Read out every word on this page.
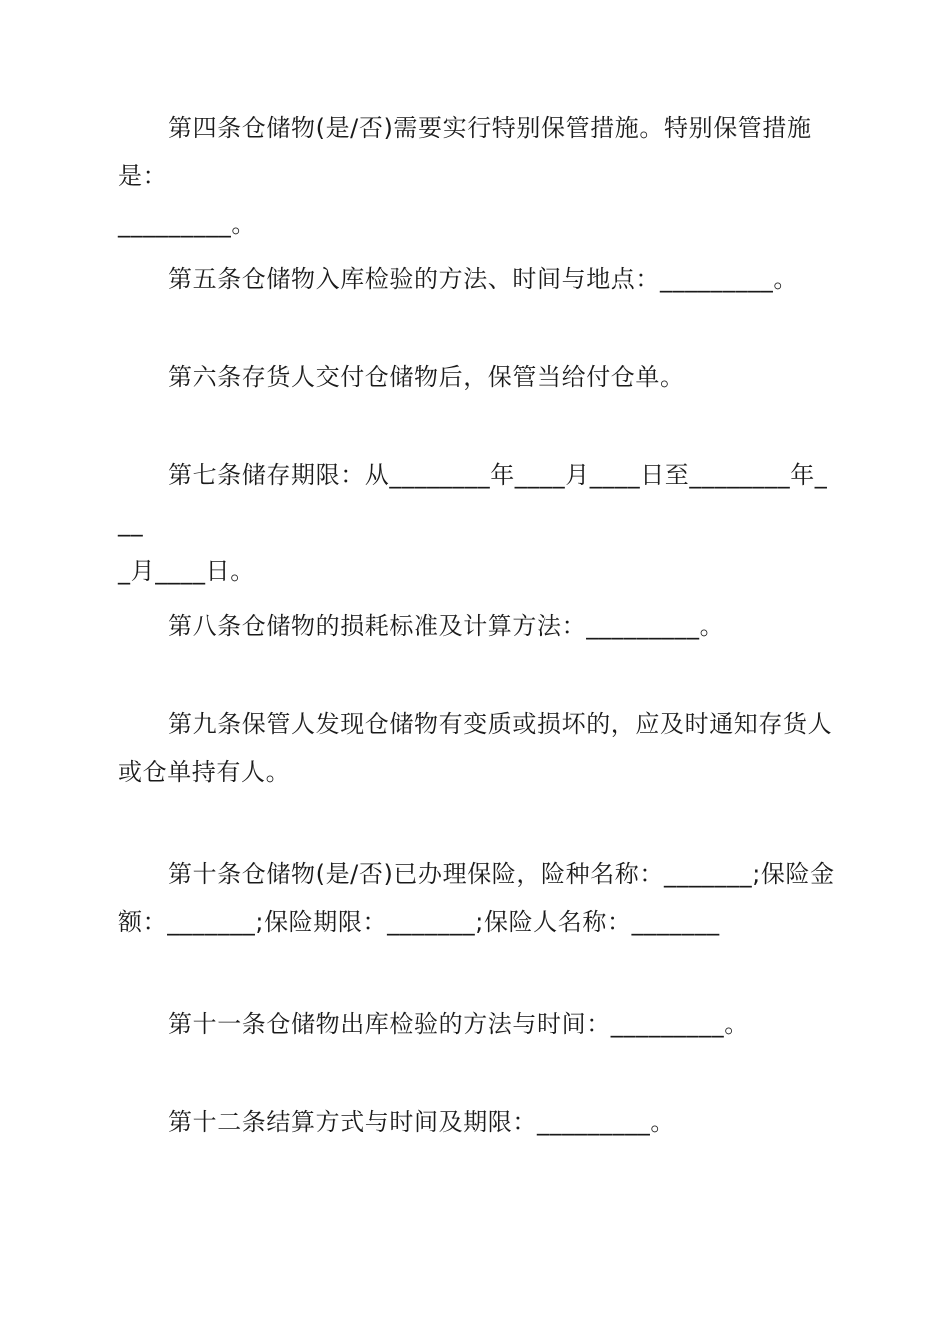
第四条仓储物(是/否)需要实行特别保管措施。特别保管措施是：
_________。
第五条仓储物入库检验的方法、时间与地点：_________。
第六条存货人交付仓储物后，保管当给付仓单。
第七条储存期限：从________年____月____日至________年___
_月____日。
第八条仓储物的损耗标准及计算方法：_________。
第九条保管人发现仓储物有变质或损坏的，应及时通知存货人
或仓单持有人。
第十条仓储物(是/否)已办理保险，险种名称：_______;保险金
额：_______;保险期限：_______;保险人名称：_______
第十一条仓储物出库检验的方法与时间：_________。
第十二条结算方式与时间及期限：_________。
